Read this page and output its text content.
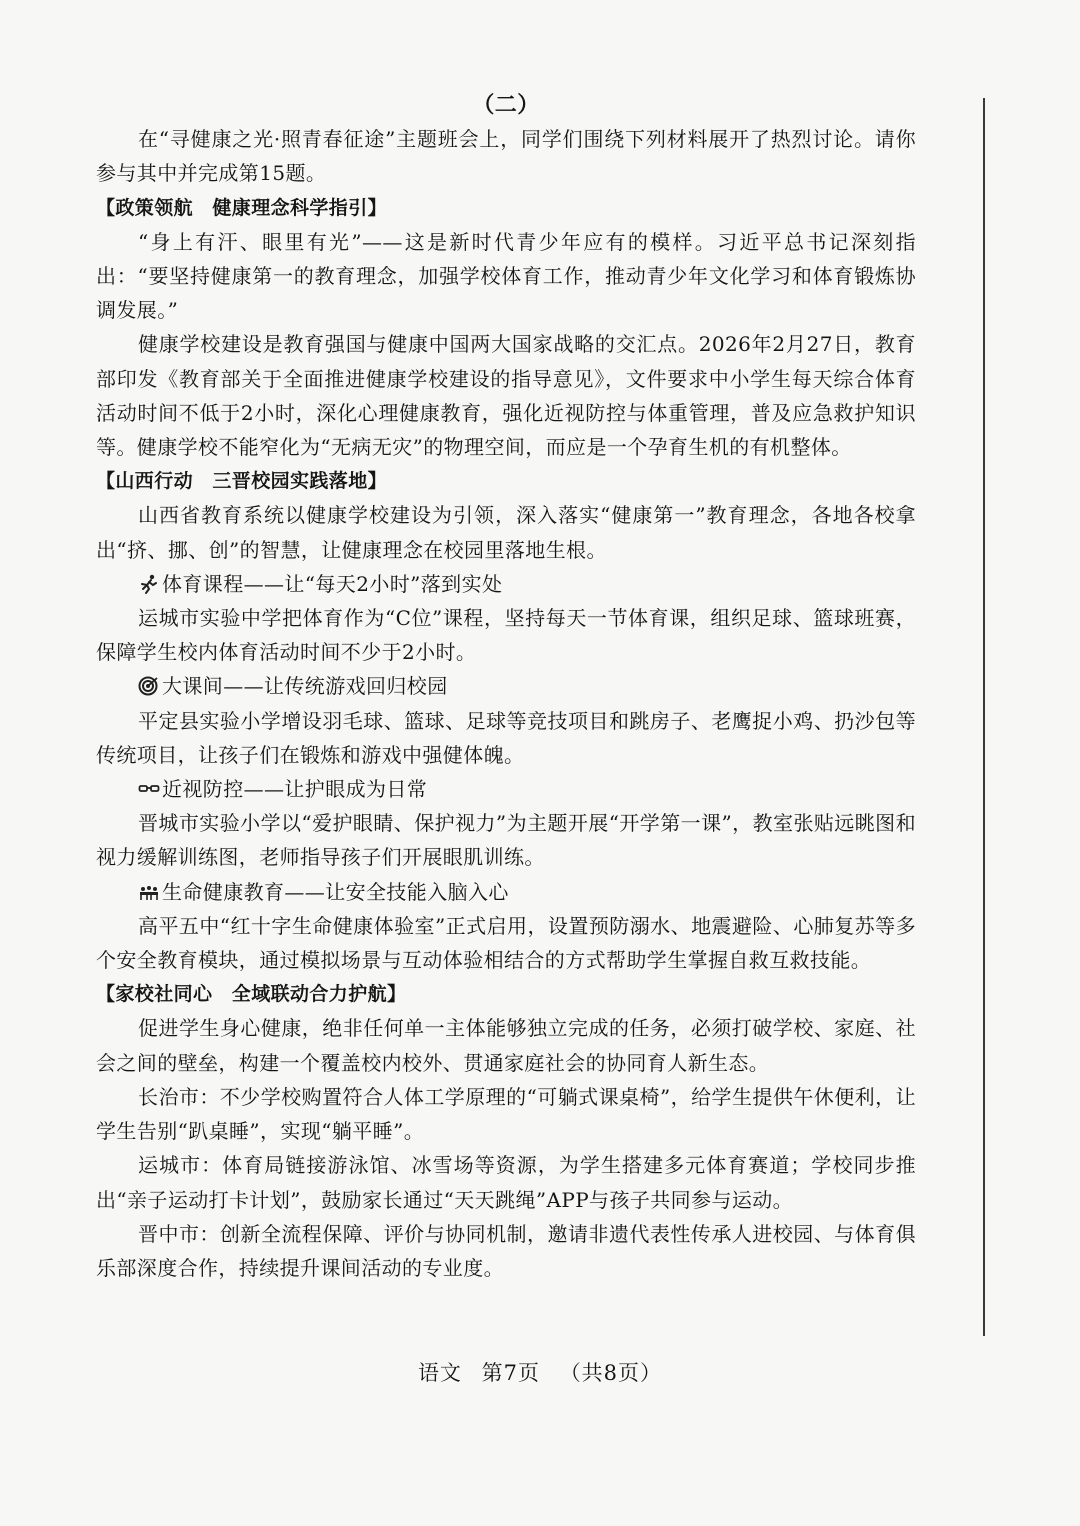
（二）

在“寻健康之光·照青春征途”主题班会上，同学们围绕下列材料展开了热烈讨论。请你参与其中并完成第15题。

【政策领航　健康理念科学指引】

“身上有汗、眼里有光”——这是新时代青少年应有的模样。习近平总书记深刻指出：“要坚持健康第一的教育理念，加强学校体育工作，推动青少年文化学习和体育锻炼协调发展。”

健康学校建设是教育强国与健康中国两大国家战略的交汇点。2026年2月27日，教育部印发《教育部关于全面推进健康学校建设的指导意见》，文件要求中小学生每天综合体育活动时间不低于2小时，深化心理健康教育，强化近视防控与体重管理，普及应急救护知识等。健康学校不能窄化为“无病无灾”的物理空间，而应是一个孕育生机的有机整体。

【山西行动　三晋校园实践落地】

山西省教育系统以健康学校建设为引领，深入落实“健康第一”教育理念，各地各校拿出“挤、挪、创”的智慧，让健康理念在校园里落地生根。

体育课程——让“每天2小时”落到实处

运城市实验中学把体育作为“C位”课程，坚持每天一节体育课，组织足球、篮球班赛，保障学生校内体育活动时间不少于2小时。

大课间——让传统游戏回归校园

平定县实验小学增设羽毛球、篮球、足球等竞技项目和跳房子、老鹰捉小鸡、扔沙包等传统项目，让孩子们在锻炼和游戏中强健体魄。

近视防控——让护眼成为日常

晋城市实验小学以“爱护眼睛、保护视力”为主题开展“开学第一课”，教室张贴远眺图和视力缓解训练图，老师指导孩子们开展眼肌训练。

生命健康教育——让安全技能入脑入心

高平五中“红十字生命健康体验室”正式启用，设置预防溺水、地震避险、心肺复苏等多个安全教育模块，通过模拟场景与互动体验相结合的方式帮助学生掌握自救互救技能。

【家校社同心　全域联动合力护航】

促进学生身心健康，绝非任何单一主体能够独立完成的任务，必须打破学校、家庭、社会之间的壁垒，构建一个覆盖校内校外、贯通家庭社会的协同育人新生态。

长治市：不少学校购置符合人体工学原理的“可躺式课桌椅”，给学生提供午休便利，让学生告别“趴桌睡”，实现“躺平睡”。

运城市：体育局链接游泳馆、冰雪场等资源，为学生搭建多元体育赛道；学校同步推出“亲子运动打卡计划”，鼓励家长通过“天天跳绳”APP与孩子共同参与运动。

晋中市：创新全流程保障、评价与协同机制，邀请非遗代表性传承人进校园、与体育俱乐部深度合作，持续提升课间活动的专业度。

语文 第7页 （共8页）
